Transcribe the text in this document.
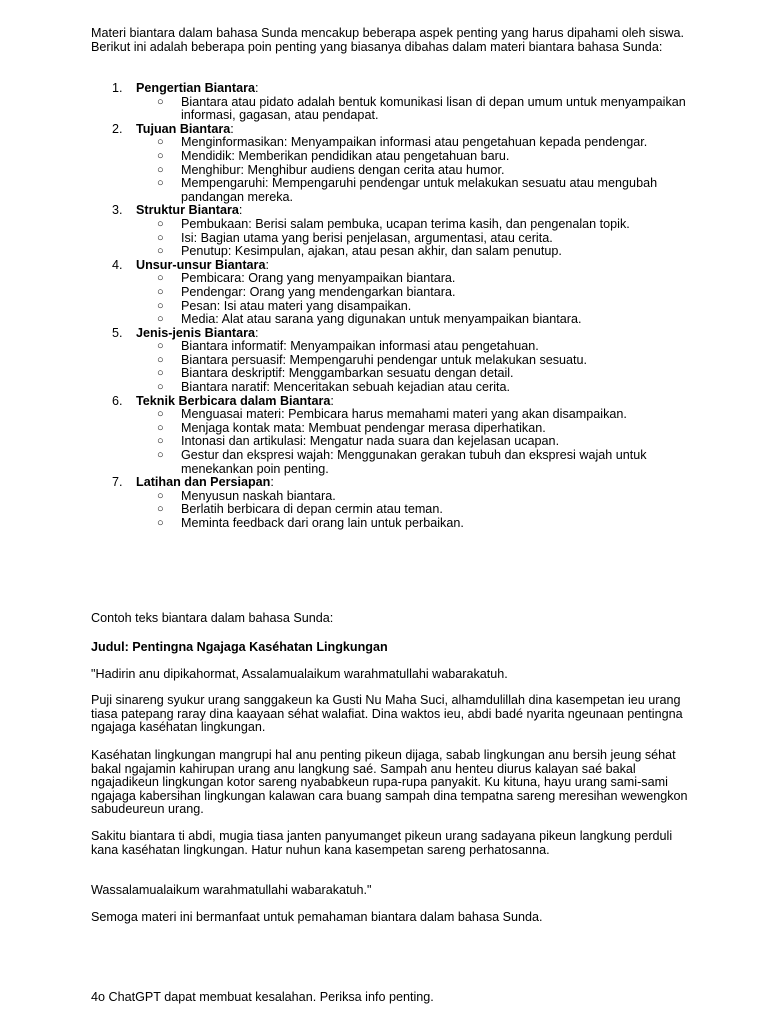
Materi biantara dalam bahasa Sunda mencakup beberapa aspek penting yang harus dipahami oleh siswa. Berikut ini adalah beberapa poin penting yang biasanya dibahas dalam materi biantara bahasa Sunda:

1. Pengertian Biantara:
○ Biantara atau pidato adalah bentuk komunikasi lisan di depan umum untuk menyampaikan informasi, gagasan, atau pendapat.
2. Tujuan Biantara:
○ Menginformasikan: Menyampaikan informasi atau pengetahuan kepada pendengar.
○ Mendidik: Memberikan pendidikan atau pengetahuan baru.
○ Menghibur: Menghibur audiens dengan cerita atau humor.
○ Mempengaruhi: Mempengaruhi pendengar untuk melakukan sesuatu atau mengubah pandangan mereka.
3. Struktur Biantara:
○ Pembukaan: Berisi salam pembuka, ucapan terima kasih, dan pengenalan topik.
○ Isi: Bagian utama yang berisi penjelasan, argumentasi, atau cerita.
○ Penutup: Kesimpulan, ajakan, atau pesan akhir, dan salam penutup.
4. Unsur-unsur Biantara:
○ Pembicara: Orang yang menyampaikan biantara.
○ Pendengar: Orang yang mendengarkan biantara.
○ Pesan: Isi atau materi yang disampaikan.
○ Media: Alat atau sarana yang digunakan untuk menyampaikan biantara.
5. Jenis-jenis Biantara:
○ Biantara informatif: Menyampaikan informasi atau pengetahuan.
○ Biantara persuasif: Mempengaruhi pendengar untuk melakukan sesuatu.
○ Biantara deskriptif: Menggambarkan sesuatu dengan detail.
○ Biantara naratif: Menceritakan sebuah kejadian atau cerita.
6. Teknik Berbicara dalam Biantara:
○ Menguasai materi: Pembicara harus memahami materi yang akan disampaikan.
○ Menjaga kontak mata: Membuat pendengar merasa diperhatikan.
○ Intonasi dan artikulasi: Mengatur nada suara dan kejelasan ucapan.
○ Gestur dan ekspresi wajah: Menggunakan gerakan tubuh dan ekspresi wajah untuk menekankan poin penting.
7. Latihan dan Persiapan:
○ Menyusun naskah biantara.
○ Berlatih berbicara di depan cermin atau teman.
○ Meminta feedback dari orang lain untuk perbaikan.

Contoh teks biantara dalam bahasa Sunda:

Judul: Pentingna Ngajaga Kaséhatan Lingkungan

"Hadirin anu dipikahormat, Assalamualaikum warahmatullahi wabarakatuh.

Puji sinareng syukur urang sanggakeun ka Gusti Nu Maha Suci, alhamdulillah dina kasempetan ieu urang tiasa patepang raray dina kaayaan séhat walafiat. Dina waktos ieu, abdi badé nyarita ngeunaan pentingna ngajaga kaséhatan lingkungan.

Kaséhatan lingkungan mangrupi hal anu penting pikeun dijaga, sabab lingkungan anu bersih jeung séhat bakal ngajamin kahirupan urang anu langkung saé. Sampah anu henteu diurus kalayan saé bakal ngajadikeun lingkungan kotor sareng nyababkeun rupa-rupa panyakit. Ku kituna, hayu urang sami-sami ngajaga kabersihan lingkungan kalawan cara buang sampah dina tempatna sareng meresihan wewengkon sabudeureun urang.

Sakitu biantara ti abdi, mugia tiasa janten panyumanget pikeun urang sadayana pikeun langkung perduli kana kaséhatan lingkungan. Hatur nuhun kana kasempetan sareng perhatosanna.

Wassalamualaikum warahmatullahi wabarakatuh."

Semoga materi ini bermanfaat untuk pemahaman biantara dalam bahasa Sunda.

4o ChatGPT dapat membuat kesalahan. Periksa info penting.
